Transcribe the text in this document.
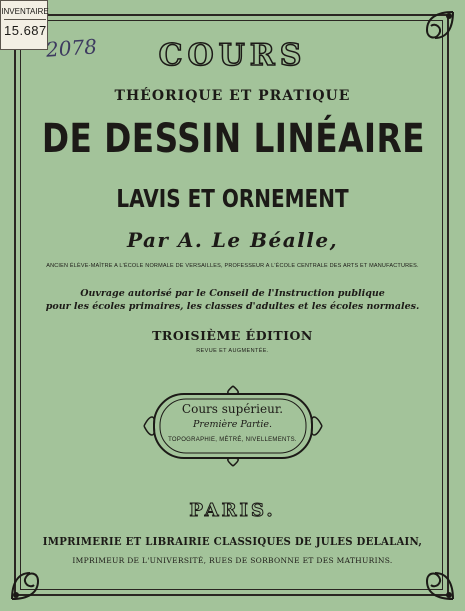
INVENTAIRE
15.687
2078	COURS
THÉORIQUE ET PRATIQUE
DE DESSIN LINÉAIRE
LAVIS ET ORNEMENT
Par A. Le Béalle,
ANCIEN ÉLÈVE-MAÎTRE A L'ÉCOLE NORMALE DE VERSAILLES, PROFESSEUR A L'ÉCOLE CENTRALE DES ARTS ET MANUFACTURES.
Ouvrage autorisé par le Conseil de l'Instruction publique
pour les écoles primaires, les classes d'adultes et les écoles normales.
TROISIÈME ÉDITION
REVUE ET AUGMENTÉE.
Cours supérieur.
Première Partie.
TOPOGRAPHIE, MÉTRÉ, NIVELLEMENTS.
PARIS.
IMPRIMERIE ET LIBRAIRIE CLASSIQUES DE JULES DELALAIN,
IMPRIMEUR DE L'UNIVERSITÉ, RUES DE SORBONNE ET DES MATHURINS.
